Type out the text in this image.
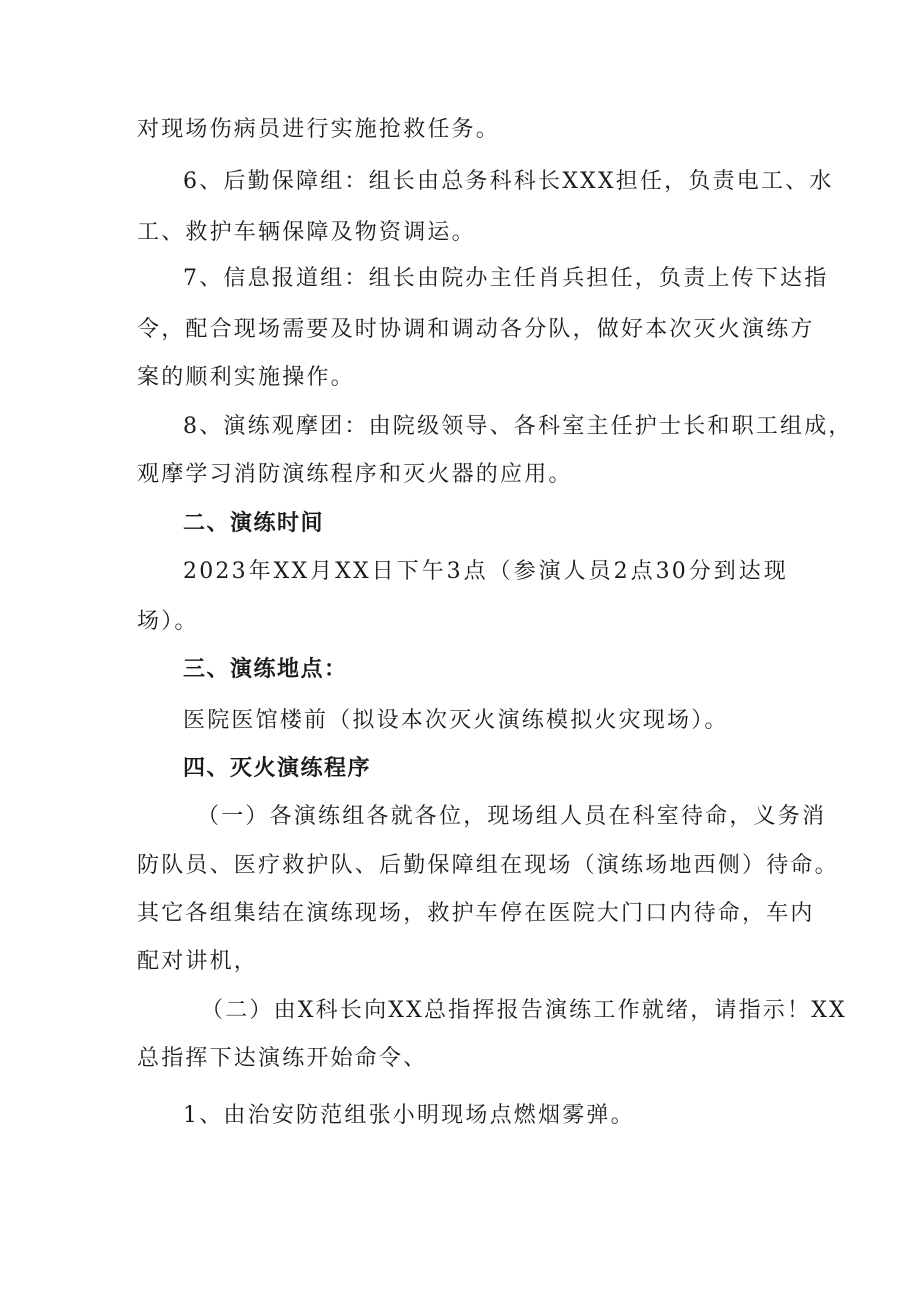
对现场伤病员进行实施抢救任务。
6、后勤保障组：组长由总务科科长XXX担任，负责电工、水
工、救护车辆保障及物资调运。
7、信息报道组：组长由院办主任肖兵担任，负责上传下达指
令，配合现场需要及时协调和调动各分队，做好本次灭火演练方
案的顺利实施操作。
8、演练观摩团：由院级领导、各科室主任护士长和职工组成，
观摩学习消防演练程序和灭火器的应用。
二、演练时间
2023年XX月XX日下午3点（参演人员2点30分到达现
场）。
三、演练地点：
医院医馆楼前（拟设本次灭火演练模拟火灾现场）。
四、灭火演练程序
（一）各演练组各就各位，现场组人员在科室待命，义务消
防队员、医疗救护队、后勤保障组在现场（演练场地西侧）待命。
其它各组集结在演练现场，救护车停在医院大门口内待命，车内
配对讲机，
（二）由X科长向XX总指挥报告演练工作就绪，请指示！XX
总指挥下达演练开始命令、
1、由治安防范组张小明现场点燃烟雾弹。
